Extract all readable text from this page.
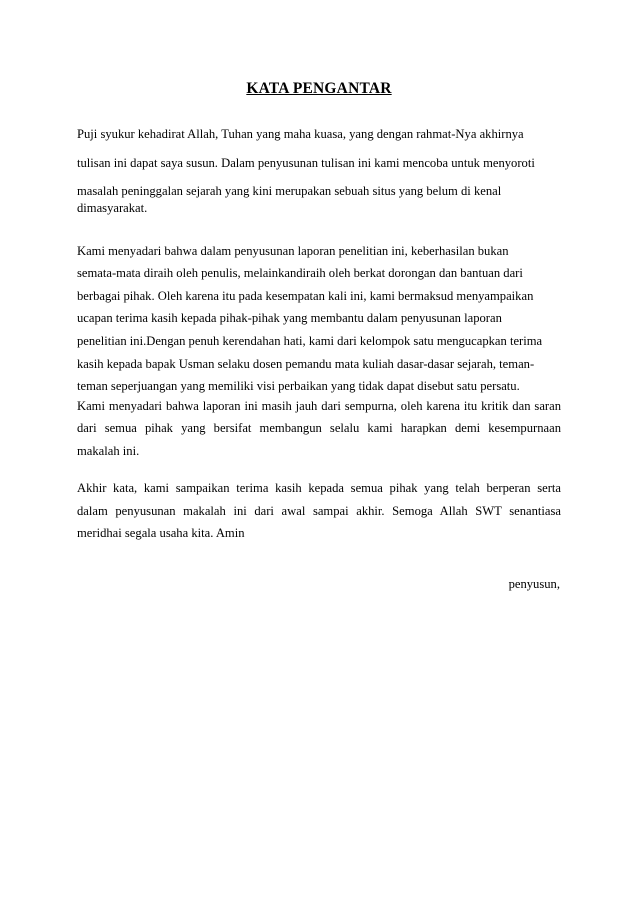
KATA PENGANTAR
Puji syukur kehadirat Allah, Tuhan yang maha kuasa, yang dengan rahmat-Nya akhirnya
tulisan ini dapat saya susun. Dalam penyusunan tulisan ini kami mencoba untuk menyoroti
masalah peninggalan sejarah yang kini merupakan sebuah situs yang belum di kenal
dimasyarakat.
Kami menyadari bahwa dalam penyusunan laporan penelitian ini, keberhasilan bukan
semata-mata diraih oleh penulis, melainkandiraih oleh berkat dorongan dan bantuan dari
berbagai pihak. Oleh karena itu pada kesempatan kali ini, kami bermaksud menyampaikan
ucapan terima kasih kepada pihak-pihak yang membantu dalam penyusunan laporan
penelitian ini.Dengan penuh kerendahan hati, kami dari kelompok satu mengucapkan terima
kasih kepada bapak Usman selaku dosen pemandu mata kuliah dasar-dasar sejarah, teman-
teman seperjuangan yang memiliki visi perbaikan yang tidak dapat disebut satu persatu.
Kami menyadari bahwa laporan ini masih jauh dari sempurna, oleh karena itu kritik dan saran
dari semua pihak yang bersifat membangun selalu kami harapkan demi kesempurnaan
makalah ini.
Akhir kata, kami sampaikan terima kasih kepada semua pihak yang telah berperan serta
dalam penyusunan makalah ini dari awal sampai akhir. Semoga Allah SWT senantiasa
meridhai segala usaha kita. Amin
penyusun,
